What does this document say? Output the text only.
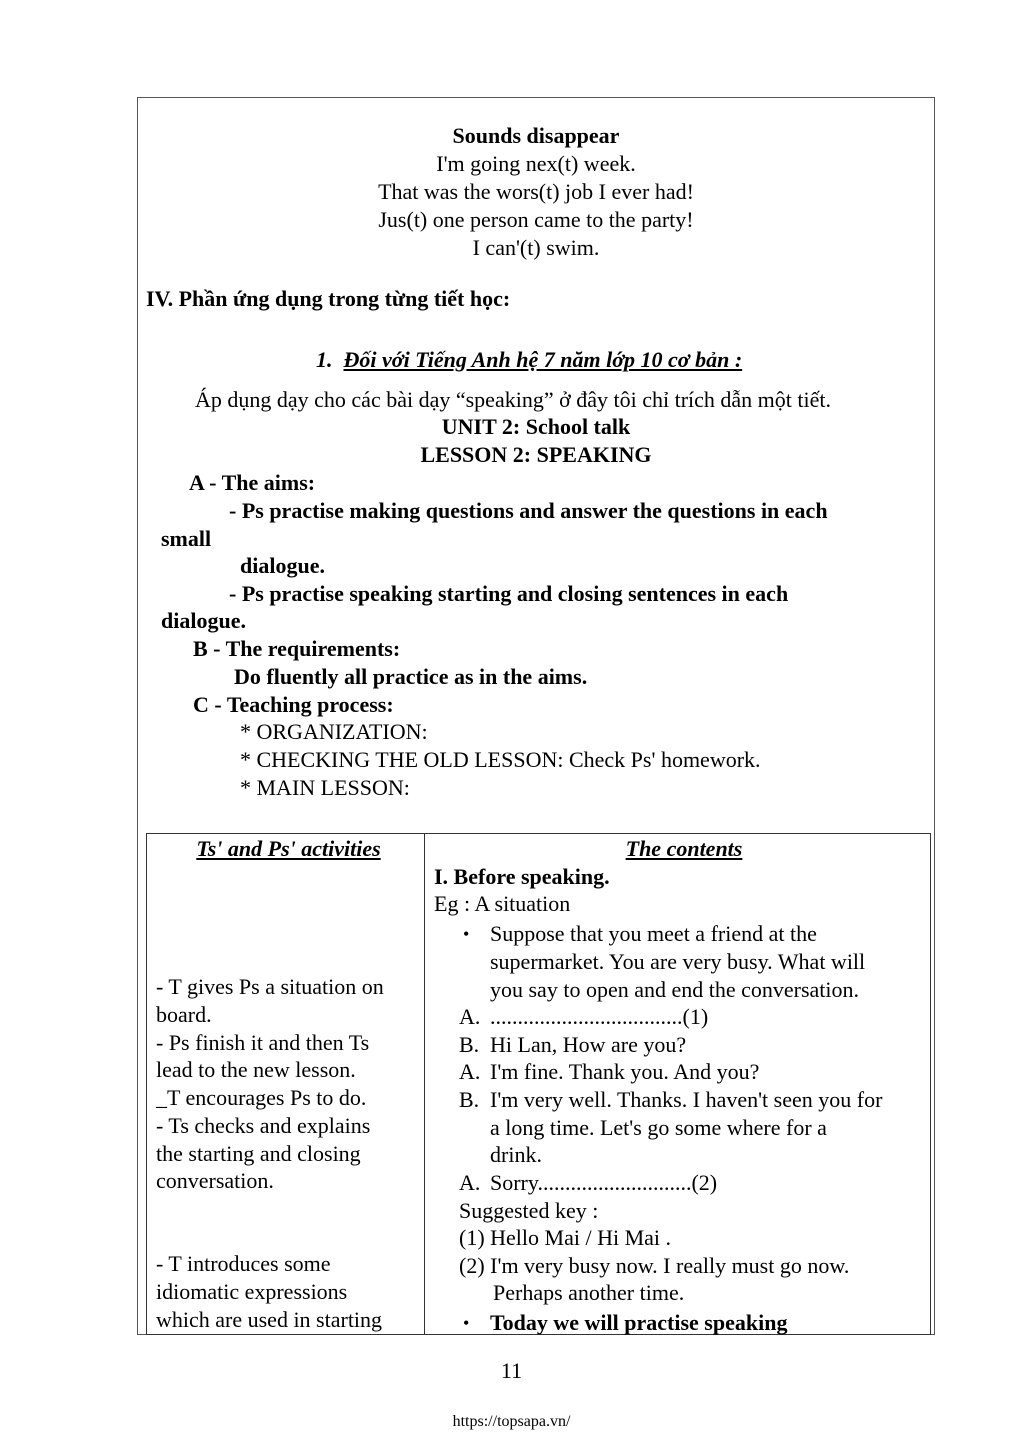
Sounds disappear
I'm going nex(t) week.
That was the wors(t) job I ever had!
Jus(t) one person came to the party!
I can'(t) swim.
IV. Phần ứng dụng trong từng tiết học:
1. Đối với Tiếng Anh hệ 7 năm lớp 10 cơ bản :
Áp dụng dạy cho các bài dạy “speaking” ở đây tôi chỉ trích dẫn một tiết.
UNIT 2: School talk
LESSON 2: SPEAKING
A - The aims:
- Ps practise making questions and answer the questions in each
small
dialogue.
- Ps practise speaking starting and closing sentences in each
dialogue.
B - The requirements:
Do fluently all practice as in the aims.
C - Teaching process:
* ORGANIZATION:
* CHECKING THE OLD LESSON: Check Ps' homework.
* MAIN LESSON:
Ts' and Ps' activities	The contents
- T gives Ps a situation on
board.
- Ps finish it and then Ts
lead to the new lesson.
_T encourages Ps to do.
- Ts checks and explains
the starting and closing
conversation.
- T introduces some
idiomatic expressions
which are used in starting
I. Before speaking.
Eg : A situation
• Suppose that you meet a friend at the
supermarket. You are very busy. What will
you say to open and end the conversation.
A. ...................................(1)
B. Hi Lan, How are you?
A. I'm fine. Thank you. And you?
B. I'm very well. Thanks. I haven't seen you for
a long time. Let's go some where for a
drink.
A. Sorry............................(2)
Suggested key :
(1) Hello Mai / Hi Mai .
(2) I'm very busy now. I really must go now.
Perhaps another time.
• Today we will practise speaking
11
https://topsapa.vn/
